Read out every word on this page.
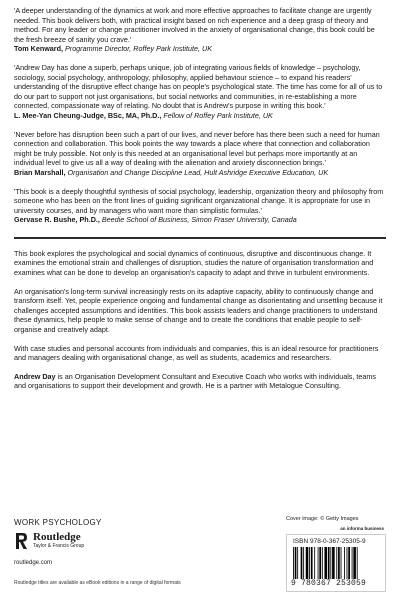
'A deeper understanding of the dynamics at work and more effective approaches to facilitate change are urgently needed. This book delivers both, with practical insight based on rich experience and a deep grasp of theory and method. For any leader or change practitioner involved in the anxiety of organisational change, this book could be the fresh breeze of sanity you crave.'

Tom Kenward, Programme Director, Roffey Park Institute, UK

'Andrew Day has done a superb, perhaps unique, job of integrating various fields of knowledge – psychology, sociology, social psychology, anthropology, philosophy, applied behaviour science – to expand his readers' understanding of the disruptive effect change has on people's psychological state. The time has come for all of us to do our part to support not just organisations, but social networks and communities, in re-establishing a more connected, compassionate way of relating. No doubt that is Andrew's purpose in writing this book.'

L. Mee-Yan Cheung-Judge, BSc, MA, Ph.D., Fellow of Roffey Park Institute, UK

'Never before has disruption been such a part of our lives, and never before has there been such a need for human connection and collaboration. This book points the way towards a place where that connection and collaboration might be truly possible. Not only is this needed at an organisational level but perhaps more importantly at an individual level to give us all a way of dealing with the alienation and anxiety disconnection brings.'

Brian Marshall, Organisation and Change Discipline Lead, Hult Ashridge Executive Education, UK

'This book is a deeply thoughtful synthesis of social psychology, leadership, organization theory and philosophy from someone who has been on the front lines of guiding significant organizational change. It is appropriate for use in university courses, and by managers who want more than simplistic formulas.'

Gervase R. Bushe, Ph.D., Beedie School of Business, Simon Fraser University, Canada

This book explores the psychological and social dynamics of continuous, disruptive and discontinuous change. It examines the emotional strain and challenges of disruption, studies the nature of organisation transformation and examines what can be done to develop an organisation's capacity to adapt and thrive in turbulent environments.

An organisation's long-term survival increasingly rests on its adaptive capacity, ability to continuously change and transform itself. Yet, people experience ongoing and fundamental change as disorientating and unsettling because it challenges accepted assumptions and identities. This book assists leaders and change practitioners to understand these dynamics, help people to make sense of change and to create the conditions that enable people to self-organise and creatively adapt.

With case studies and personal accounts from individuals and companies, this is an ideal resource for practitioners and managers dealing with organisational change, as well as students, academics and researchers.

Andrew Day is an Organisation Development Consultant and Executive Coach who works with individuals, teams and organisations to support their development and growth. He is a partner with Metalogue Consulting.

WORK PSYCHOLOGY
Routledge
Taylor & Francis Group
routledge.com
Routledge titles are available as eBook editions in a range of digital formats
Cover image: © Getty Images
an informa business
ISBN 978-0-367-25305-9
9 780367 253059
